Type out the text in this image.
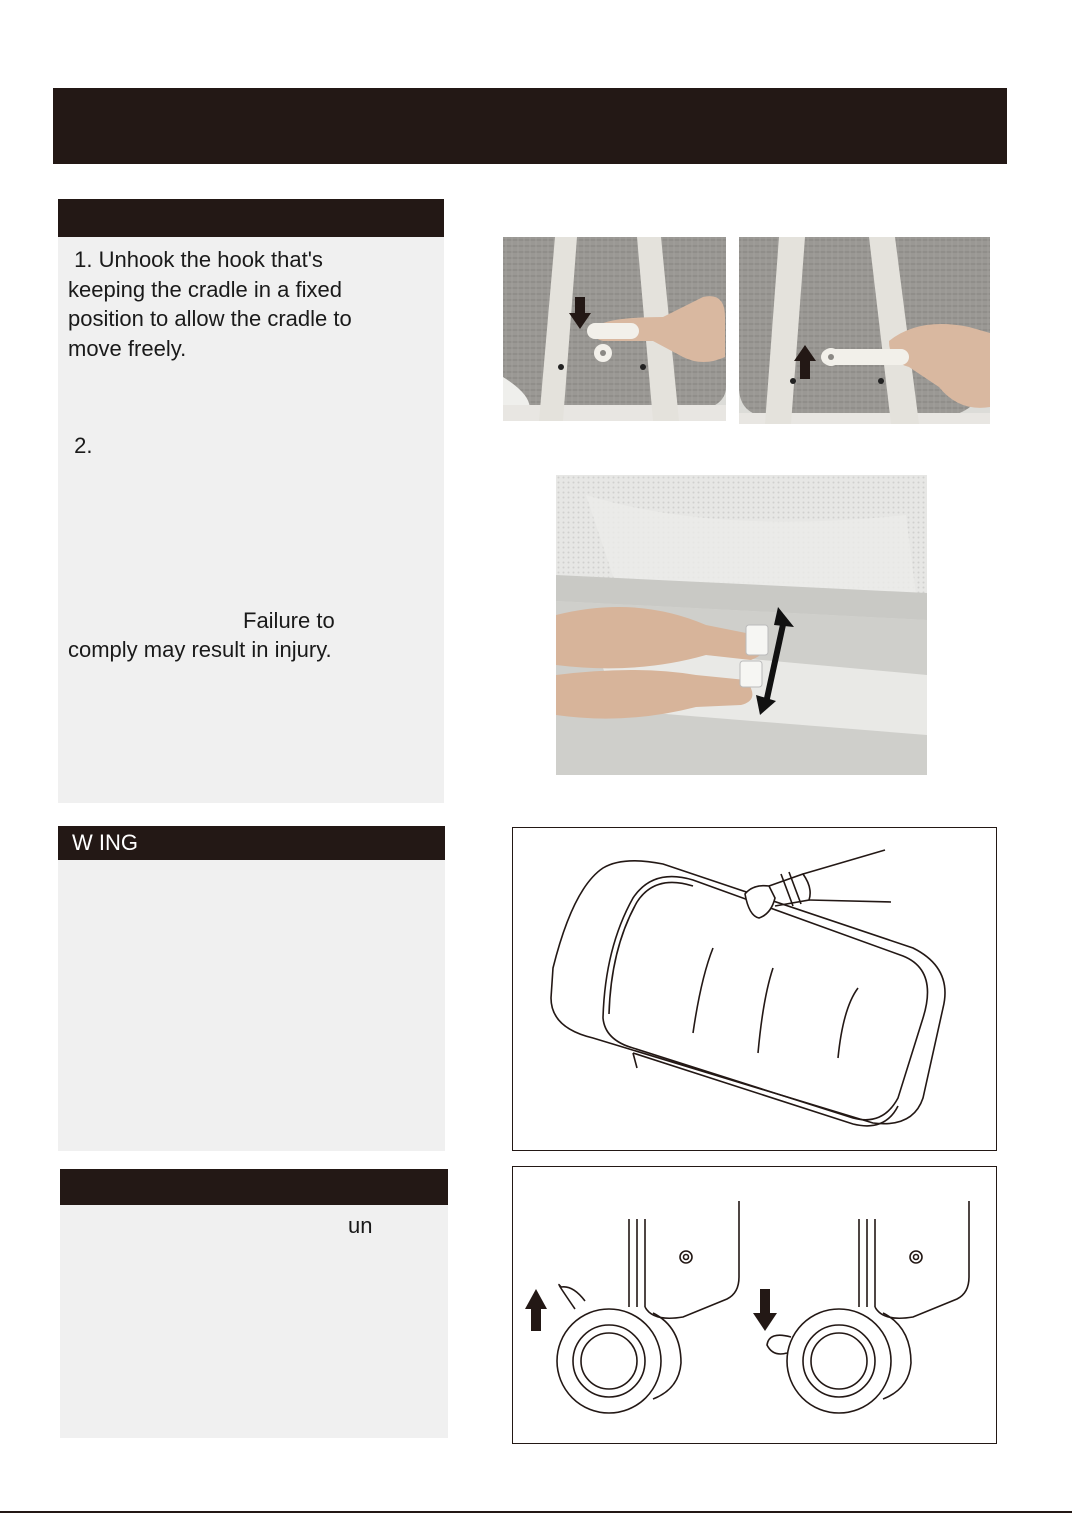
1. Unhook the hook that's
keeping the cradle in a fixed
position to allow the cradle to
move freely.
2.
Failure to
comply may result in injury.
W ING
un
